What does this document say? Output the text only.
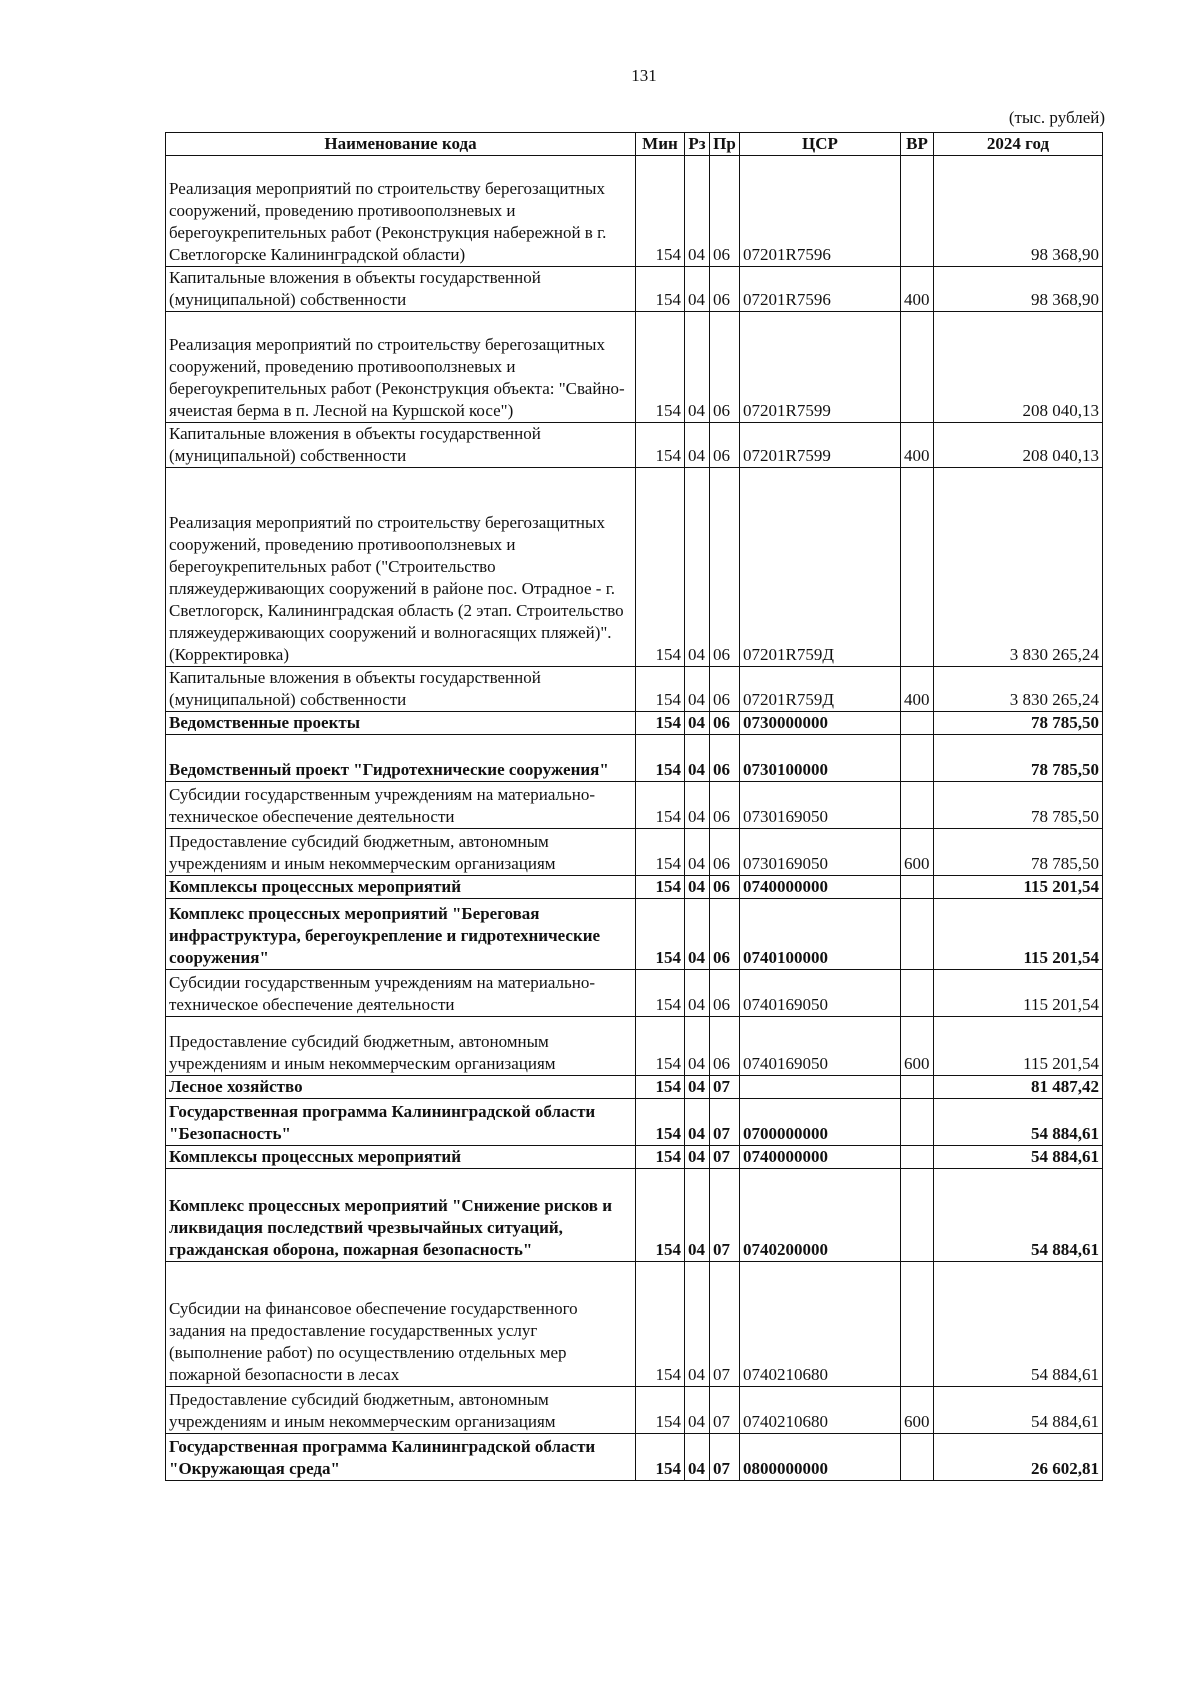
131
(тыс. рублей)
Наименование кода	Мин	Рз	Пр	ЦСР	ВР	2024 год
Реализация мероприятий по строительству берегозащитных сооружений, проведению противооползневых и берегоукрепительных работ (Реконструкция набережной в г. Светлогорске Калининградской области)	154	04	06	07201R7596		98 368,90
Капитальные вложения в объекты государственной (муниципальной) собственности	154	04	06	07201R7596	400	98 368,90
Реализация мероприятий по строительству берегозащитных сооружений, проведению противооползневых и берегоукрепительных работ (Реконструкция объекта: "Свайно-ячеистая берма в п. Лесной на Куршской косе")	154	04	06	07201R7599		208 040,13
Капитальные вложения в объекты государственной (муниципальной) собственности	154	04	06	07201R7599	400	208 040,13
Реализация мероприятий по строительству берегозащитных сооружений, проведению противооползневых и берегоукрепительных работ ("Строительство пляжеудерживающих сооружений в районе пос. Отрадное - г. Светлогорск, Калининградская область (2 этап. Строительство пляжеудерживающих сооружений и волногасящих пляжей)". (Корректировка)	154	04	06	07201R759Д		3 830 265,24
Капитальные вложения в объекты государственной (муниципальной) собственности	154	04	06	07201R759Д	400	3 830 265,24
Ведомственные проекты	154	04	06	0730000000		78 785,50
Ведомственный проект "Гидротехнические сооружения"	154	04	06	0730100000		78 785,50
Субсидии государственным учреждениям на материально-техническое обеспечение деятельности	154	04	06	0730169050		78 785,50
Предоставление субсидий бюджетным, автономным учреждениям и иным некоммерческим организациям	154	04	06	0730169050	600	78 785,50
Комплексы процессных мероприятий	154	04	06	0740000000		115 201,54
Комплекс процессных мероприятий "Береговая инфраструктура, берегоукрепление и гидротехнические сооружения"	154	04	06	0740100000		115 201,54
Субсидии государственным учреждениям на материально-техническое обеспечение деятельности	154	04	06	0740169050		115 201,54
Предоставление субсидий бюджетным, автономным учреждениям и иным некоммерческим организациям	154	04	06	0740169050	600	115 201,54
Лесное хозяйство	154	04	07			81 487,42
Государственная программа Калининградской области "Безопасность"	154	04	07	0700000000		54 884,61
Комплексы процессных мероприятий	154	04	07	0740000000		54 884,61
Комплекс процессных мероприятий "Снижение рисков и ликвидация последствий чрезвычайных ситуаций, гражданская оборона, пожарная безопасность"	154	04	07	0740200000		54 884,61
Субсидии на финансовое обеспечение государственного задания на предоставление государственных услуг (выполнение работ) по осуществлению отдельных мер пожарной безопасности в лесах	154	04	07	0740210680		54 884,61
Предоставление субсидий бюджетным, автономным учреждениям и иным некоммерческим организациям	154	04	07	0740210680	600	54 884,61
Государственная программа Калининградской области "Окружающая среда"	154	04	07	0800000000		26 602,81
